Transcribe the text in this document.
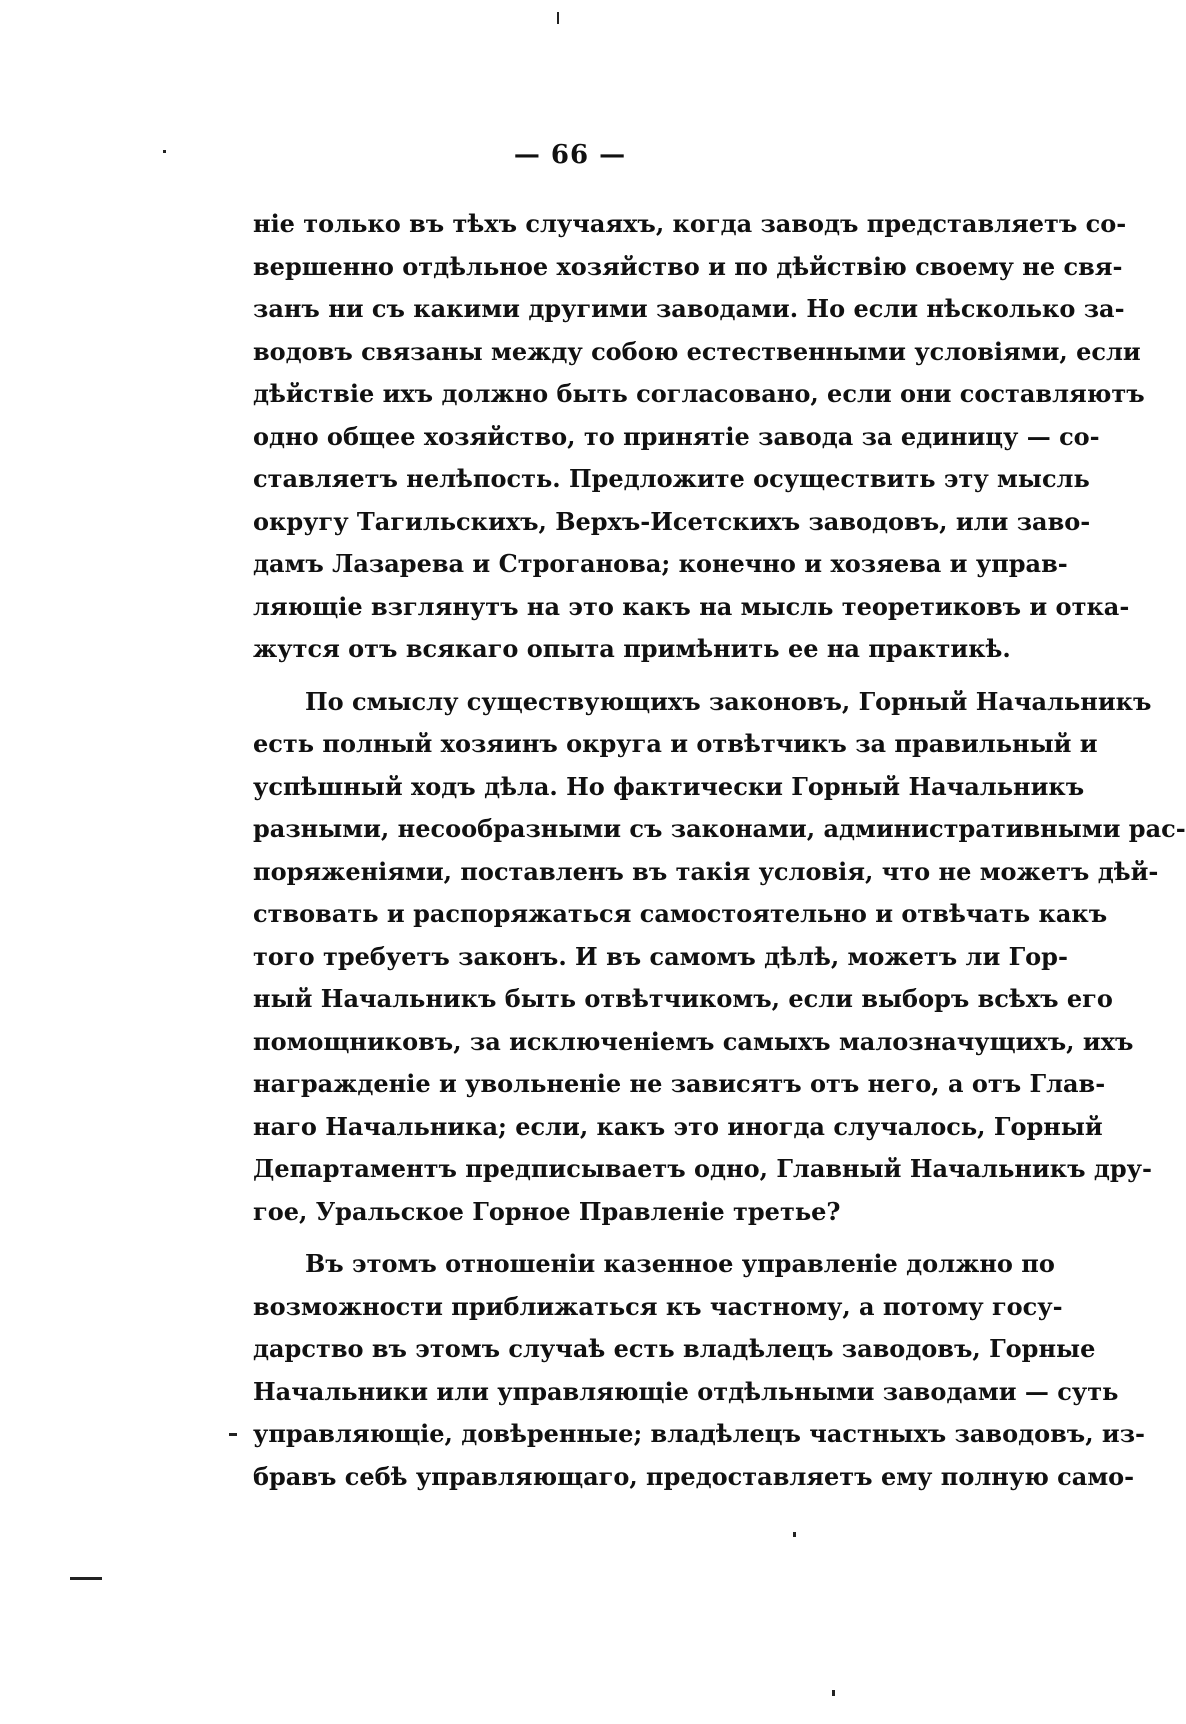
— 66 —
ніе только въ тѣхъ случаяхъ, когда заводъ представляетъ со-
вершенно отдѣльное хозяйство и по дѣйствію своему не свя-
занъ ни съ какими другими заводами. Но если нѣсколько за-
водовъ связаны между собою естественными условіями, если
дѣйствіе ихъ должно быть согласовано, если они составляютъ
одно общее хозяйство, то принятіе завода за единицу — со-
ставляетъ нелѣпость. Предложите осуществить эту мысль
округу Тагильскихъ, Верхъ-Исетскихъ заводовъ, или заво-
дамъ Лазарева и Строганова; конечно и хозяева и управ-
ляющіе взглянутъ на это какъ на мысль теоретиковъ и отка-
жутся отъ всякаго опыта примѣнить ее на практикѣ.
По смыслу существующихъ законовъ, Горный Начальникъ
есть полный хозяинъ округа и отвѣтчикъ за правильный и
успѣшный ходъ дѣла. Но фактически Горный Начальникъ
разными, несообразными съ законами, административными рас-
поряженіями, поставленъ въ такія условія, что не можетъ дѣй-
ствовать и распоряжаться самостоятельно и отвѣчать какъ
того требуетъ законъ. И въ самомъ дѣлѣ, можетъ ли Гор-
ный Начальникъ быть отвѣтчикомъ, если выборъ всѣхъ его
помощниковъ, за исключеніемъ самыхъ малозначущихъ, ихъ
награжденіе и увольненіе не зависятъ отъ него, а отъ Глав-
наго Начальника; если, какъ это иногда случалось, Горный
Департаментъ предписываетъ одно, Главный Начальникъ дру-
гое, Уральское Горное Правленіе третье?
Въ этомъ отношеніи казенное управленіе должно по
возможности приближаться къ частному, а потому госу-
дарство въ этомъ случаѣ есть владѣлецъ заводовъ, Горные
Начальники или управляющіе отдѣльными заводами — суть
управляющіе, довѣренные; владѣлецъ частныхъ заводовъ, из-
бравъ себѣ управляющаго, предоставляетъ ему полную само-
